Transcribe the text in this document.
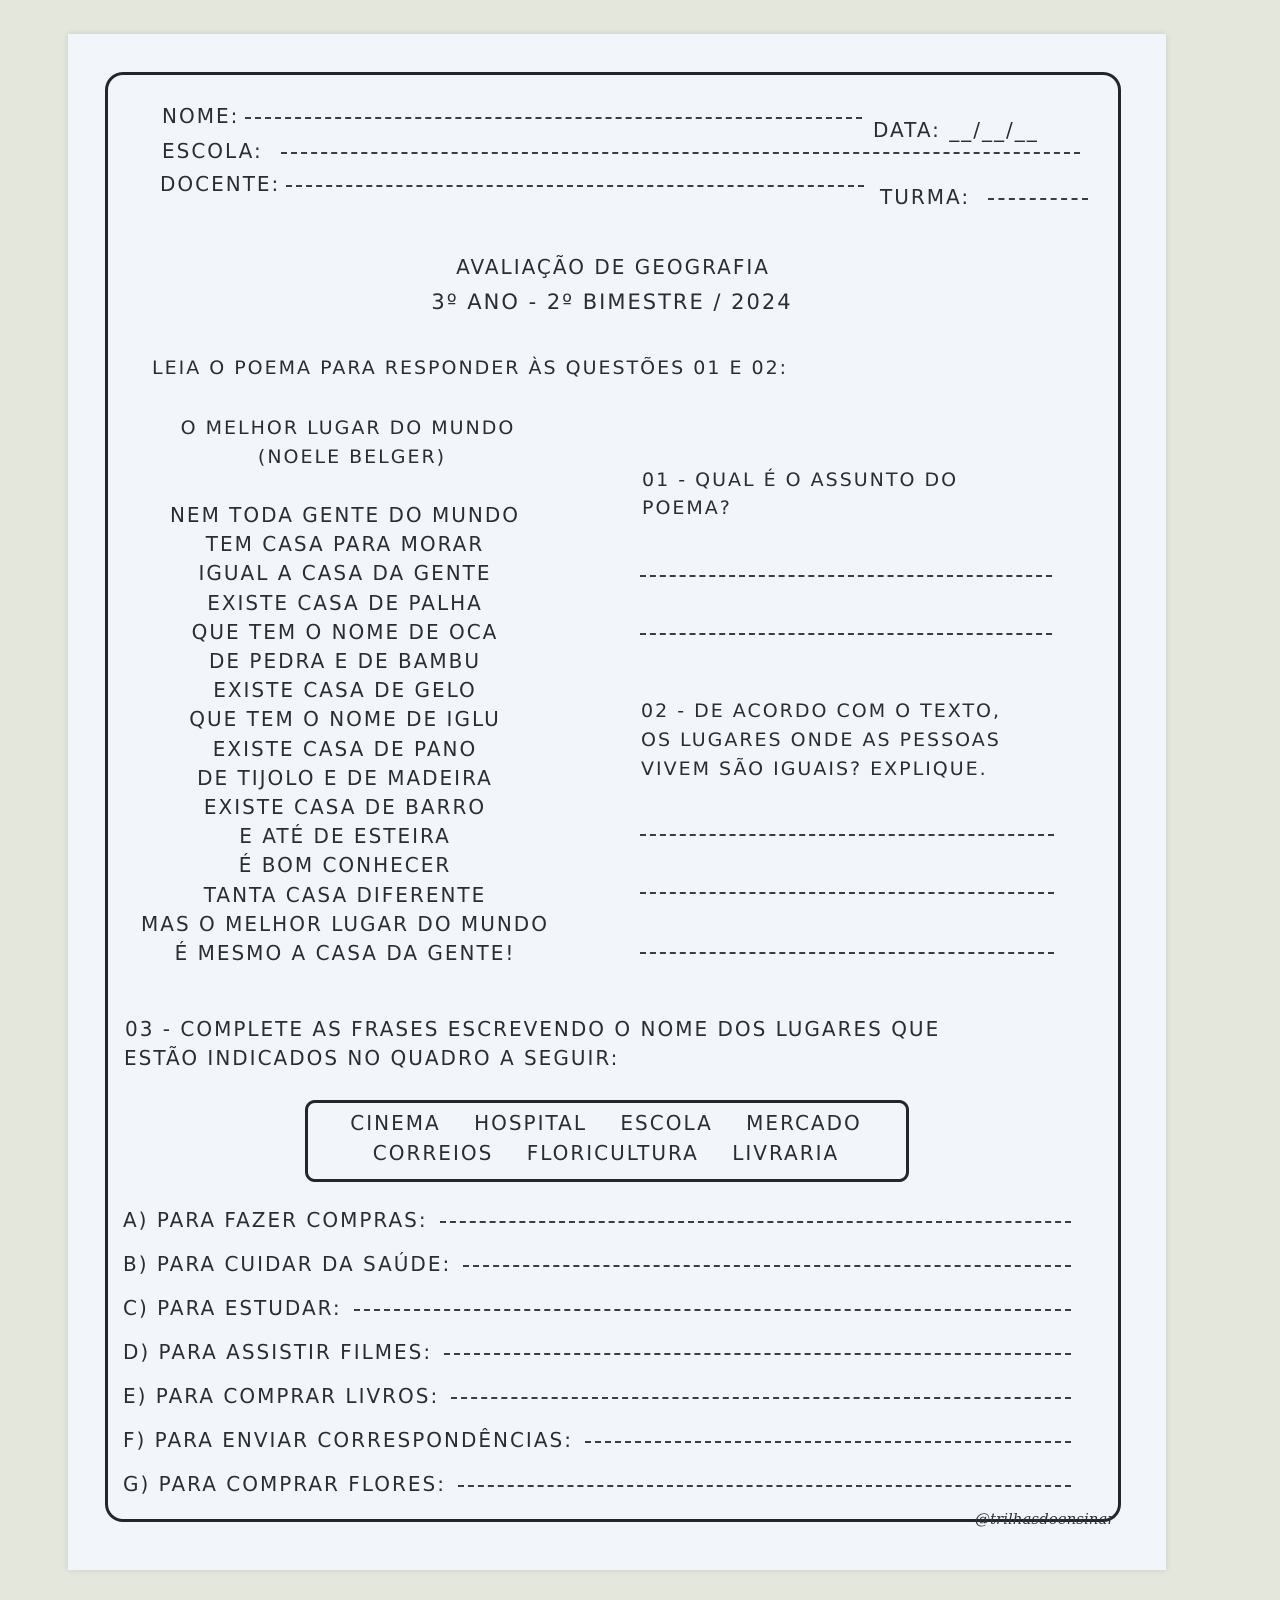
NOME:
DATA: __/__/__
ESCOLA:
DOCENTE:
TURMA:
AVALIAÇÃO DE GEOGRAFIA
3º ANO - 2º BIMESTRE / 2024
LEIA O POEMA PARA RESPONDER ÀS QUESTÕES 01 E 02:
O MELHOR LUGAR DO MUNDO
(NOELE BELGER)
NEM TODA GENTE DO MUNDO
TEM CASA PARA MORAR
IGUAL A CASA DA GENTE
EXISTE CASA DE PALHA
QUE TEM O NOME DE OCA
DE PEDRA E DE BAMBU
EXISTE CASA DE GELO
QUE TEM O NOME DE IGLU
EXISTE CASA DE PANO
DE TIJOLO E DE MADEIRA
EXISTE CASA DE BARRO
E ATÉ DE ESTEIRA
É BOM CONHECER
TANTA CASA DIFERENTE
MAS O MELHOR LUGAR DO MUNDO
É MESMO A CASA DA GENTE!
01 - QUAL É O ASSUNTO DO
POEMA?
02 - DE ACORDO COM O TEXTO,
OS LUGARES ONDE AS PESSOAS
VIVEM SÃO IGUAIS? EXPLIQUE.
03 - COMPLETE AS FRASES ESCREVENDO O NOME DOS LUGARES QUE
ESTÃO INDICADOS NO QUADRO A SEGUIR:
CINEMA    HOSPITAL    ESCOLA    MERCADO
CORREIOS    FLORICULTURA    LIVRARIA
A) PARA FAZER COMPRAS:
B) PARA CUIDAR DA SAÚDE:
C) PARA ESTUDAR:
D) PARA ASSISTIR FILMES:
E) PARA COMPRAR LIVROS:
F) PARA ENVIAR CORRESPONDÊNCIAS:
G) PARA COMPRAR FLORES:
@trilhasdoensinar
